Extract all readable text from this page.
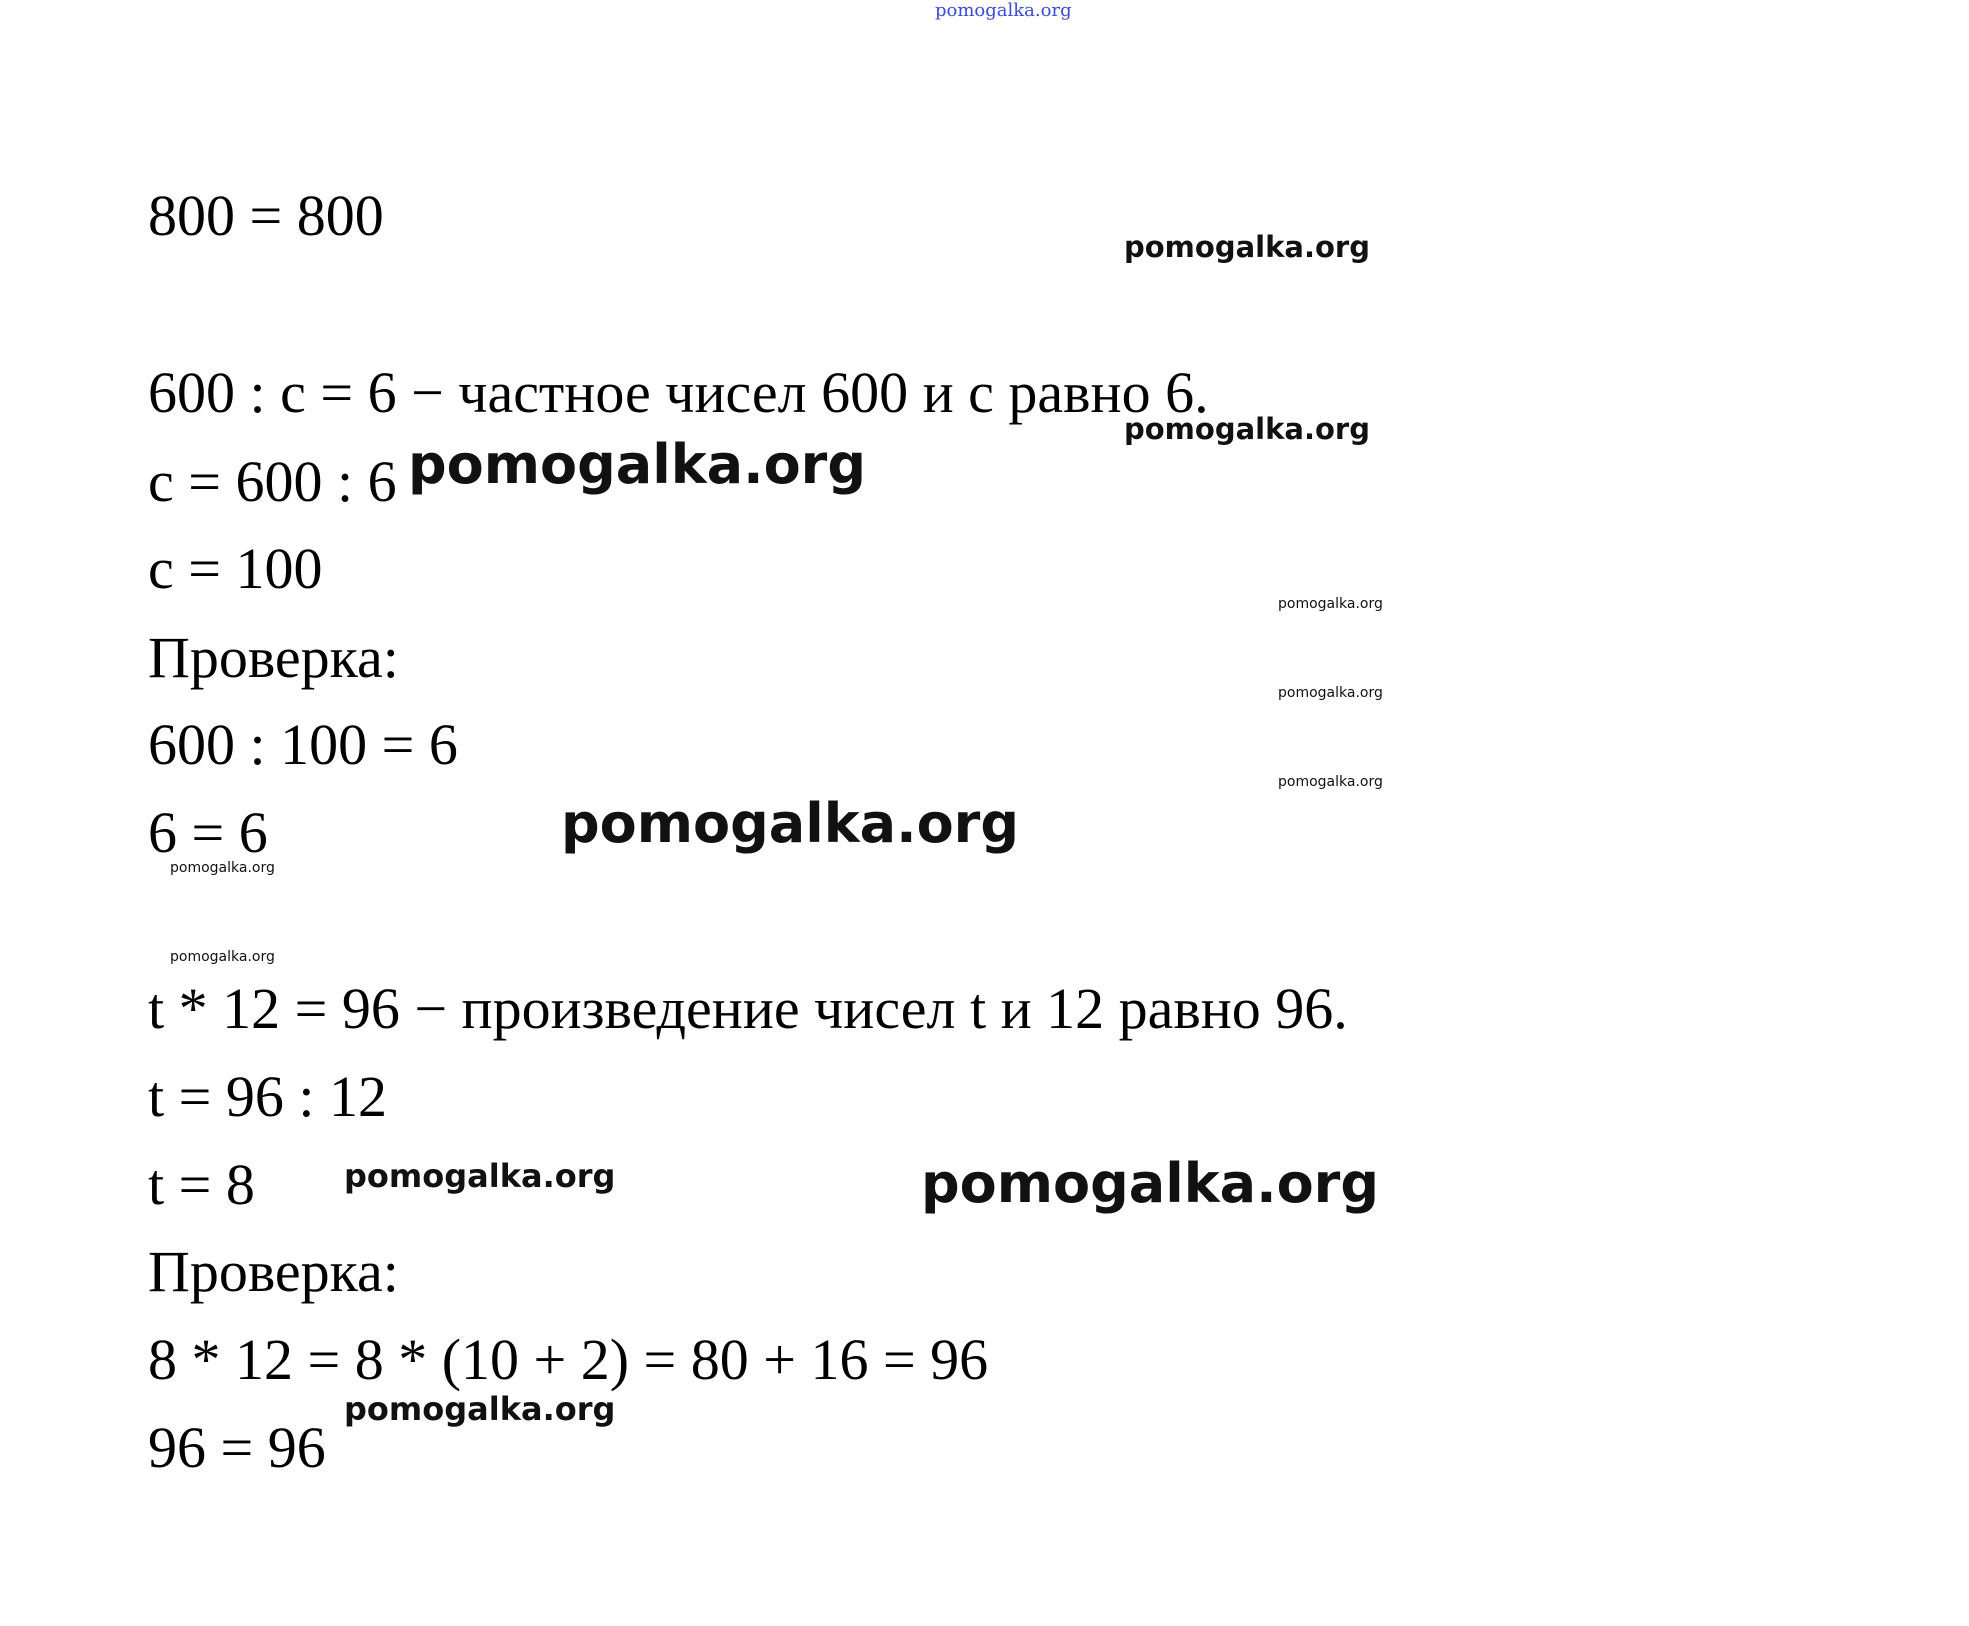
pomogalka.org
800 = 800
600 : c = 6 − частное чисел 600 и c равно 6.
c = 600 : 6
c = 100
Проверка:
600 : 100 = 6
6 = 6
t * 12 = 96 − произведение чисел t и 12 равно 96.
t = 96 : 12
t = 8
Проверка:
8 * 12 = 8 * (10 + 2) = 80 + 16 = 96
96 = 96
pomogalka.org
pomogalka.org
pomogalka.org
pomogalka.org
pomogalka.org
pomogalka.org
pomogalka.org
pomogalka.org
pomogalka.org
pomogalka.org	pomogalka.org
pomogalka.org
